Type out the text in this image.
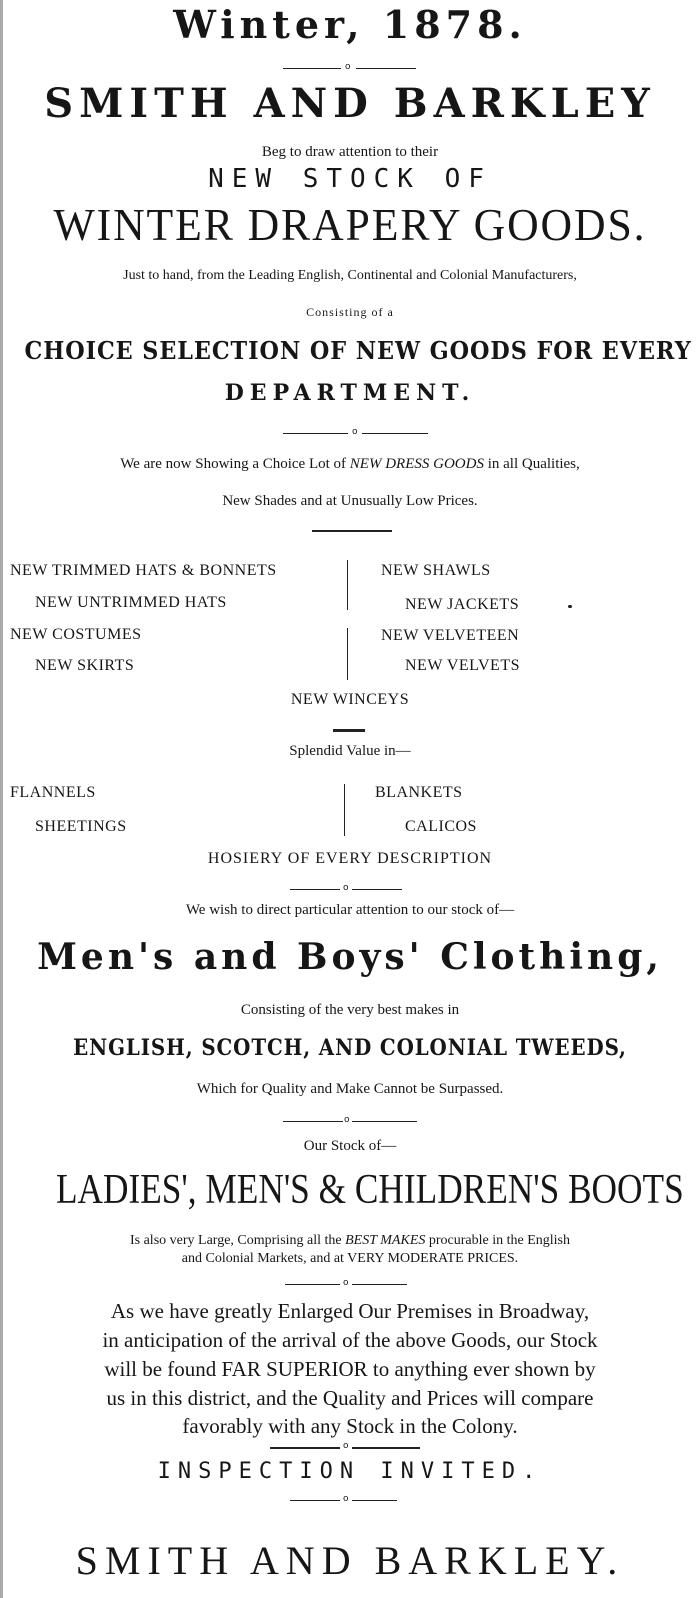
Winter, 1878.
o
SMITH AND BARKLEY
Beg to draw attention to their
NEW STOCK OF
WINTER DRAPERY GOODS.
Just to hand, from the Leading English, Continental and Colonial Manufacturers,
Consisting of a
CHOICE SELECTION OF NEW GOODS FOR EVERY
DEPARTMENT.
o
We are now Showing a Choice Lot of NEW DRESS GOODS in all Qualities,
New Shades and at Unusually Low Prices.
NEW TRIMMED HATS & BONNETS
NEW UNTRIMMED HATS
NEW COSTUMES
NEW SKIRTS
NEW SHAWLS
NEW JACKETS
NEW VELVETEEN
NEW VELVETS
NEW WINCEYS
Splendid Value in—
FLANNELS
SHEETINGS
BLANKETS
CALICOS
HOSIERY OF EVERY DESCRIPTION
o
We wish to direct particular attention to our stock of—
Men's and Boys' Clothing,
Consisting of the very best makes in
ENGLISH, SCOTCH, AND COLONIAL TWEEDS,
Which for Quality and Make Cannot be Surpassed.
o
Our Stock of—
LADIES', MEN'S & CHILDREN'S BOOTS
Is also very Large, Comprising all the BEST MAKES procurable in the English
and Colonial Markets, and at VERY MODERATE PRICES.
o
As we have greatly Enlarged Our Premises in Broadway,
in anticipation of the arrival of the above Goods, our Stock
will be found FAR SUPERIOR to anything ever shown by
us in this district, and the Quality and Prices will compare
favorably with any Stock in the Colony.
o
INSPECTION INVITED.
o
SMITH AND BARKLEY.
